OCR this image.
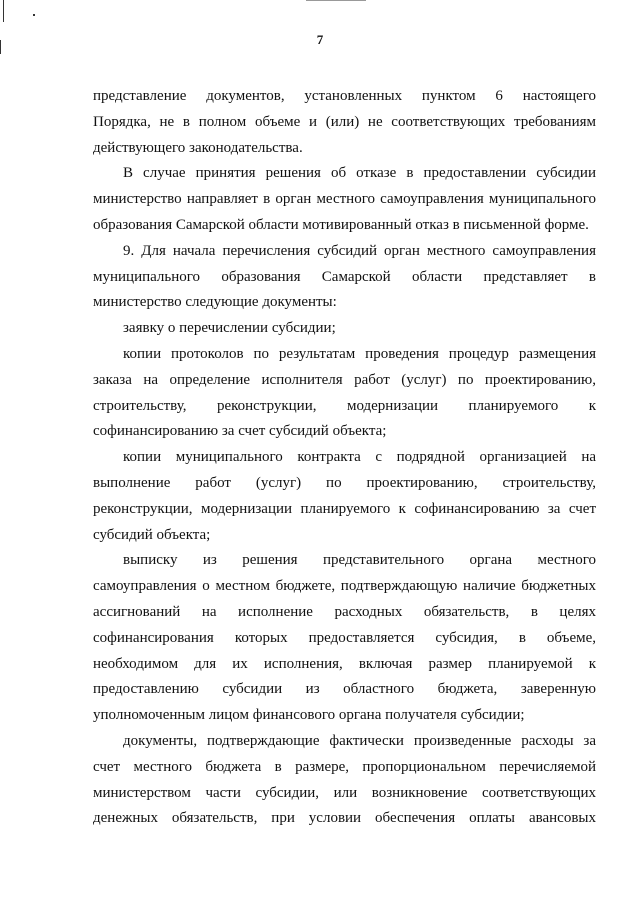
7
представление документов, установленных пунктом 6 настоящего
Порядка, не в полном объеме и (или) не соответствующих требованиям
действующего законодательства.
В случае принятия решения об отказе в предоставлении субсидии
министерство направляет в орган местного самоуправления муниципального
образования Самарской области мотивированный отказ в письменной форме.
9. Для начала перечисления субсидий орган местного самоуправления
муниципального образования Самарской области представляет в
министерство следующие документы:
заявку о перечислении субсидии;
копии протоколов по результатам проведения процедур размещения
заказа на определение исполнителя работ (услуг) по проектированию,
строительству, реконструкции, модернизации планируемого к
софинансированию за счет субсидий объекта;
копии муниципального контракта с подрядной организацией на
выполнение работ (услуг) по проектированию, строительству,
реконструкции, модернизации планируемого к софинансированию за счет
субсидий объекта;
выписку из решения представительного органа местного
самоуправления о местном бюджете, подтверждающую наличие бюджетных
ассигнований на исполнение расходных обязательств, в целях
софинансирования которых предоставляется субсидия, в объеме,
необходимом для их исполнения, включая размер планируемой к
предоставлению субсидии из областного бюджета, заверенную
уполномоченным лицом финансового органа получателя субсидии;
документы, подтверждающие фактически произведенные расходы за
счет местного бюджета в размере, пропорциональном перечисляемой
министерством части субсидии, или возникновение соответствующих
денежных обязательств, при условии обеспечения оплаты авансовых
